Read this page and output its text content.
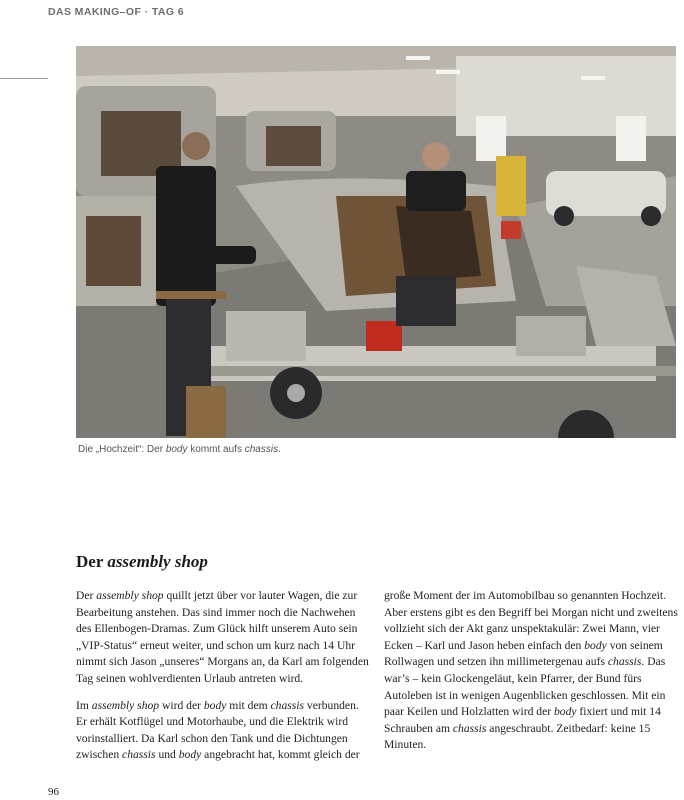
DAS MAKING–OF · TAG 6
Die „Hochzeit“: Der body kommt aufs chassis.
Der assembly shop

Der assembly shop quillt jetzt über vor lauter Wagen, die zur Bearbeitung anstehen. Das sind immer noch die Nachwehen des Ellenbogen-Dramas. Zum Glück hilft unserem Auto sein „VIP-Status“ erneut weiter, und schon um kurz nach 14 Uhr nimmt sich Jason „unseres“ Morgans an, da Karl am folgenden Tag seinen wohlverdienten Urlaub antreten wird.

Im assembly shop wird der body mit dem chassis verbunden. Er erhält Kotflügel und Motorhaube, und die Elektrik wird vorinstalliert. Da Karl schon den Tank und die Dichtungen zwischen chassis und body angebracht hat, kommt gleich der

große Moment der im Automobilbau so genannten Hochzeit. Aber erstens gibt es den Begriff bei Morgan nicht und zweitens vollzieht sich der Akt ganz unspektakulär: Zwei Mann, vier Ecken – Karl und Jason heben einfach den body von seinem Rollwagen und setzen ihn millimetergenau aufs chassis. Das war’s – kein Glockengeläut, kein Pfarrer, der Bund fürs Autoleben ist in wenigen Augenblicken geschlossen. Mit ein paar Keilen und Holzlatten wird der body fixiert und mit 14 Schrauben am chassis angeschraubt. Zeitbedarf: keine 15 Minuten.

96
